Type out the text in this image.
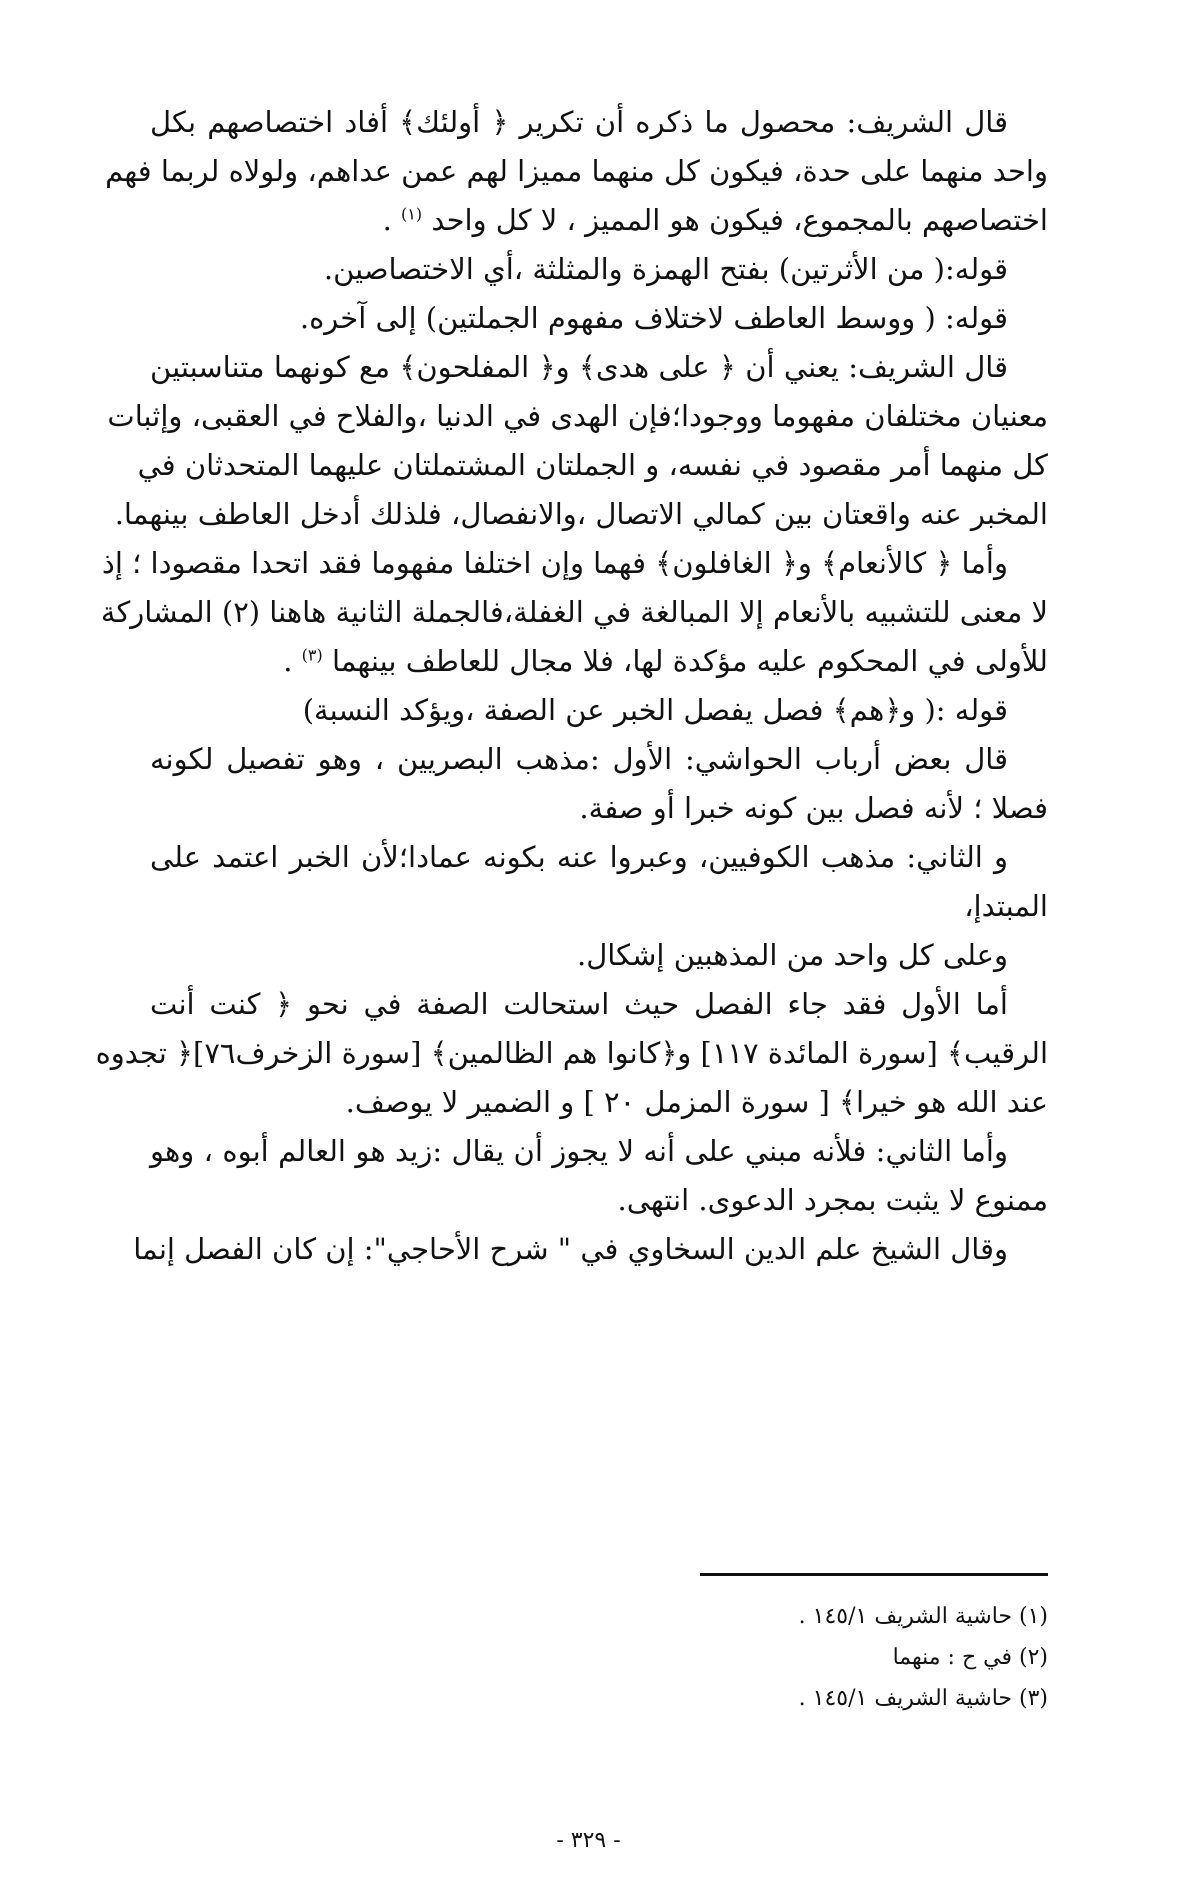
قال الشريف: محصول ما ذكره أن تكرير ﴿ أولئك﴾ أفاد اختصاصهم بكل
واحد منهما على حدة، فيكون كل منهما مميزا لهم عمن عداهم، ولولاه لربما فهم
اختصاصهم بالمجموع، فيكون هو المميز ، لا كل واحد $^{(١)}$ .
قوله:( من الأثرتين) بفتح الهمزة والمثلثة ،أي الاختصاصين.
قوله: ( ووسط العاطف لاختلاف مفهوم الجملتين) إلى آخره.
قال الشريف: يعني أن ﴿ على هدى﴾ و﴿ المفلحون﴾ مع كونهما متناسبتين
معنيان مختلفان مفهوما ووجودا؛فإن الهدى في الدنيا ،والفلاح في العقبى، وإثبات
كل منهما أمر مقصود في نفسه، و الجملتان المشتملتان عليهما المتحدثان في
المخبر عنه واقعتان بين كمالي الاتصال ،والانفصال، فلذلك أدخل العاطف بينهما.
وأما ﴿ كالأنعام﴾ و﴿ الغافلون﴾ فهما وإن اختلفا مفهوما فقد اتحدا مقصودا ؛ إذ
لا معنى للتشبيه بالأنعام إلا المبالغة في الغفلة،فالجملة الثانية هاهنا (٢) المشاركة
للأولى في المحكوم عليه مؤكدة لها، فلا مجال للعاطف بينهما $^{(٣)}$ .
قوله :( و﴿هم﴾ فصل يفصل الخبر عن الصفة ،ويؤكد النسبة)
قال بعض أرباب الحواشي: الأول :مذهب البصريين ، وهو تفصيل لكونه
فصلا ؛ لأنه فصل بين كونه خبرا أو صفة.
و الثاني: مذهب الكوفيين، وعبروا عنه بكونه عمادا؛لأن الخبر اعتمد على
المبتدإ،
وعلى كل واحد من المذهبين إشكال.
أما الأول فقد جاء الفصل حيث استحالت الصفة في نحو ﴿ كنت أنت
الرقيب﴾ [سورة المائدة ١١٧] و﴿كانوا هم الظالمين﴾ [سورة الزخرف٧٦]﴿ تجدوه
عند الله هو خيرا﴾ [ سورة المزمل ٢٠ ] و الضمير لا يوصف.
وأما الثاني: فلأنه مبني على أنه لا يجوز أن يقال :زيد هو العالم أبوه ، وهو
ممنوع لا يثبت بمجرد الدعوى. انتهى.
وقال الشيخ علم الدين السخاوي في " شرح الأحاجي": إن كان الفصل إنما
(١) حاشية الشريف ١٤٥/١ .
(٢) في ح : منهما
(٣) حاشية الشريف ١٤٥/١ .
- ٣٢٩ -
